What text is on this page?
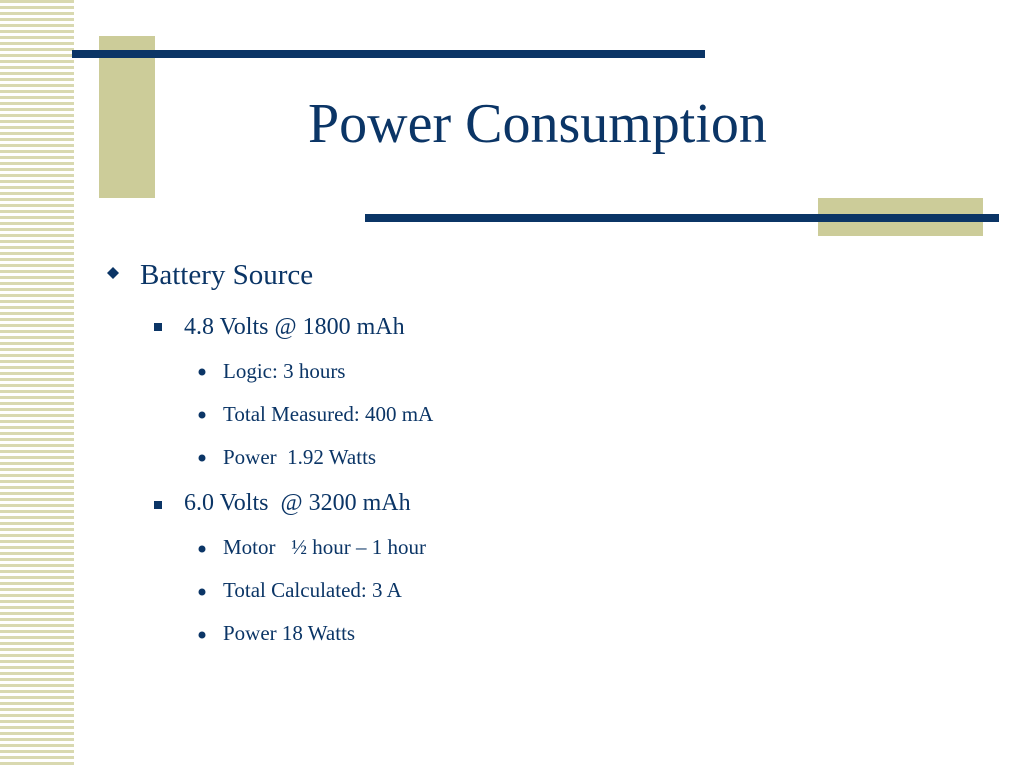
Power Consumption
Battery Source
4.8 Volts @ 1800 mAh
Logic: 3 hours
Total Measured: 400 mA
Power  1.92 Watts
6.0 Volts  @ 3200 mAh
Motor   ½ hour – 1 hour
Total Calculated: 3 A
Power 18 Watts
